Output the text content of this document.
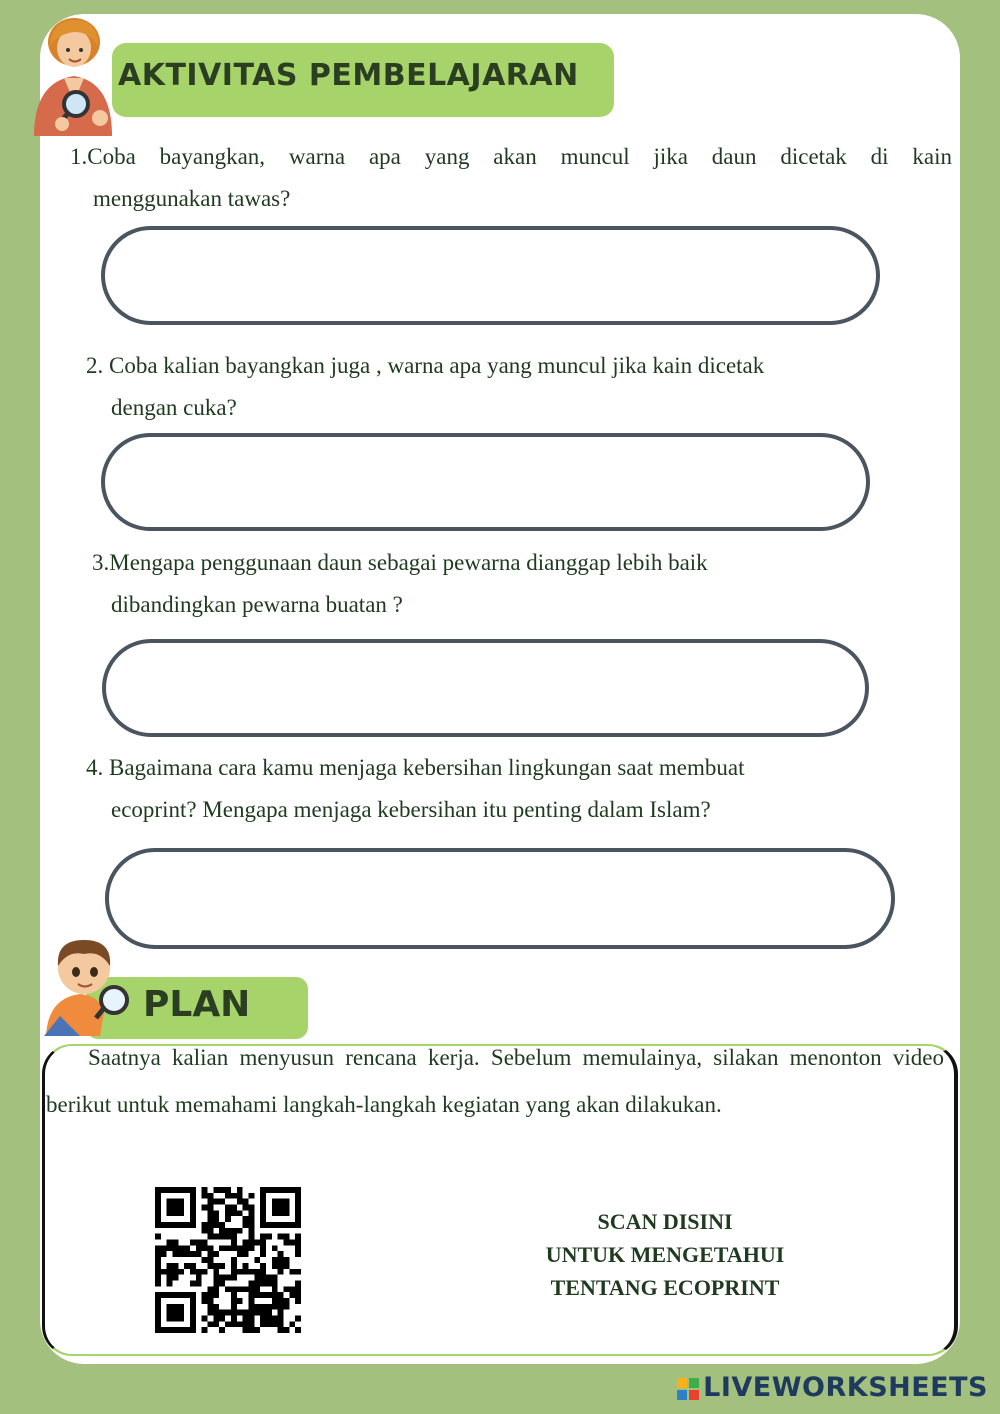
AKTIVITAS PEMBELAJARAN
1.Coba bayangkan, warna apa yang akan muncul jika daun dicetak di kain
menggunakan tawas?
2. Coba kalian bayangkan juga , warna apa yang muncul jika kain dicetak
dengan cuka?
3.Mengapa penggunaan daun sebagai pewarna dianggap lebih baik
dibandingkan pewarna buatan ?
4. Bagaimana cara kamu menjaga kebersihan lingkungan saat membuat
ecoprint? Mengapa menjaga kebersihan itu penting dalam Islam?
PLAN
Saatnya kalian menyusun rencana kerja. Sebelum memulainya, silakan menonton video berikut untuk memahami langkah-langkah kegiatan yang akan dilakukan.
SCAN DISINI
UNTUK MENGETAHUI
TENTANG ECOPRINT
LIVEWORKSHEETS
